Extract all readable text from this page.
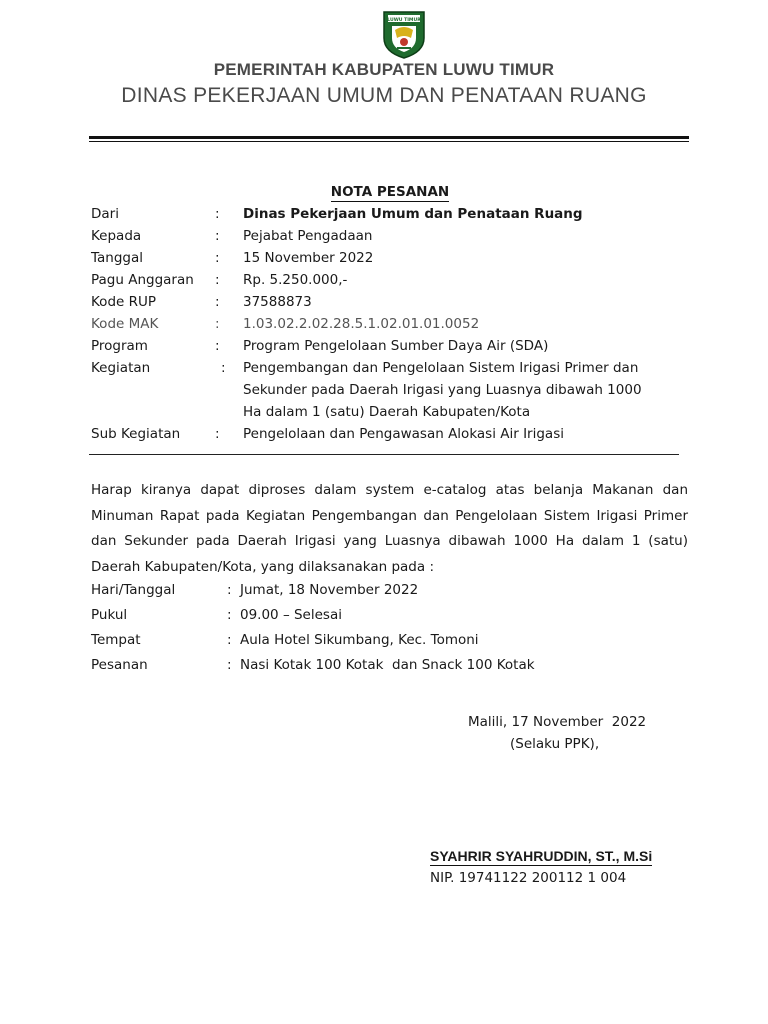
LUWU TIMUR
PEMERINTAH KABUPATEN LUWU TIMUR
DINAS PEKERJAAN UMUM DAN PENATAAN RUANG
NOTA PESANAN
Dari	: Dinas Pekerjaan Umum dan Penataan Ruang
Kepada	: Pejabat Pengadaan
Tanggal	: 15 November 2022
Pagu Anggaran	: Rp. 5.250.000,-
Kode RUP	: 37588873
Kode MAK	: 1.03.02.2.02.28.5.1.02.01.01.0052
Program	: Program Pengelolaan Sumber Daya Air (SDA)
Kegiatan	: Pengembangan dan Pengelolaan Sistem Irigasi Primer dan Sekunder pada Daerah Irigasi yang Luasnya dibawah 1000 Ha dalam 1 (satu) Daerah Kabupaten/Kota
Sub Kegiatan	: Pengelolaan dan Pengawasan Alokasi Air Irigasi
Harap kiranya dapat diproses dalam system e-catalog atas belanja Makanan dan Minuman Rapat pada Kegiatan Pengembangan dan Pengelolaan Sistem Irigasi Primer dan Sekunder pada Daerah Irigasi yang Luasnya dibawah 1000 Ha dalam 1 (satu) Daerah Kabupaten/Kota, yang dilaksanakan pada :
Hari/Tanggal	: Jumat, 18 November 2022
Pukul	: 09.00 – Selesai
Tempat	: Aula Hotel Sikumbang, Kec. Tomoni
Pesanan	: Nasi Kotak 100 Kotak  dan Snack 100 Kotak
Malili, 17 November  2022
(Selaku PPK),
SYAHRIR SYAHRUDDIN, ST., M.Si
NIP. 19741122 200112 1 004
